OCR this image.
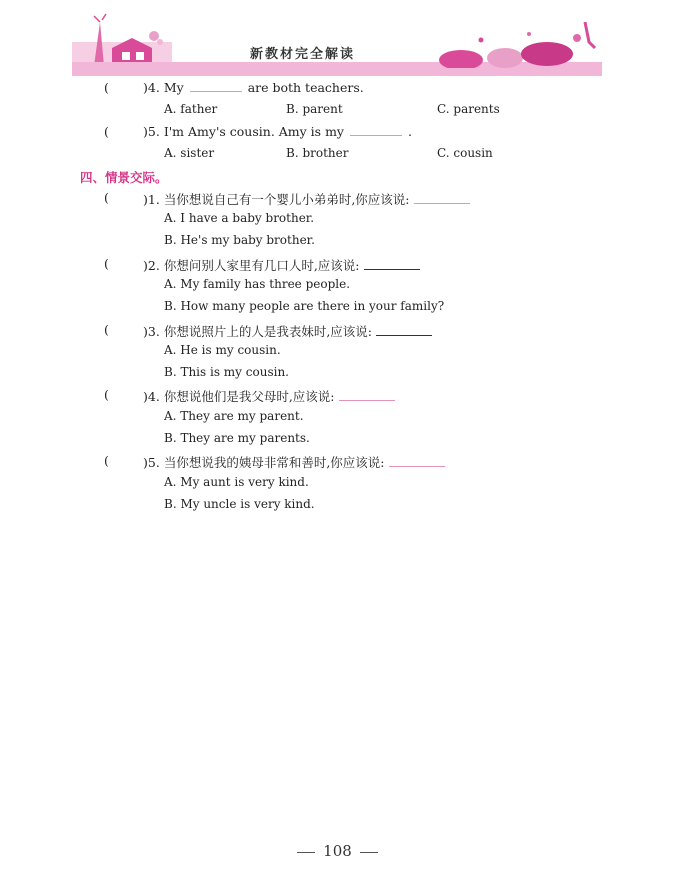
新教材完全解读
(	)4. My	are both teachers.
A. father	B. parent	C. parents
(	)5. I'm Amy's cousin. Amy is my	.
A. sister	B. brother	C. cousin
四、情景交际。
(	)1. 当你想说自己有一个婴儿小弟弟时,你应该说:
A. I have a baby brother.
B. He's my baby brother.
(	)2. 你想问别人家里有几口人时,应该说:
A. My family has three people.
B. How many people are there in your family?
(	)3. 你想说照片上的人是我表妹时,应该说:
A. He is my cousin.
B. This is my cousin.
(	)4. 你想说他们是我父母时,应该说:
A. They are my parent.
B. They are my parents.
(	)5. 当你想说我的姨母非常和善时,你应该说:
A. My aunt is very kind.
B. My uncle is very kind.
108
